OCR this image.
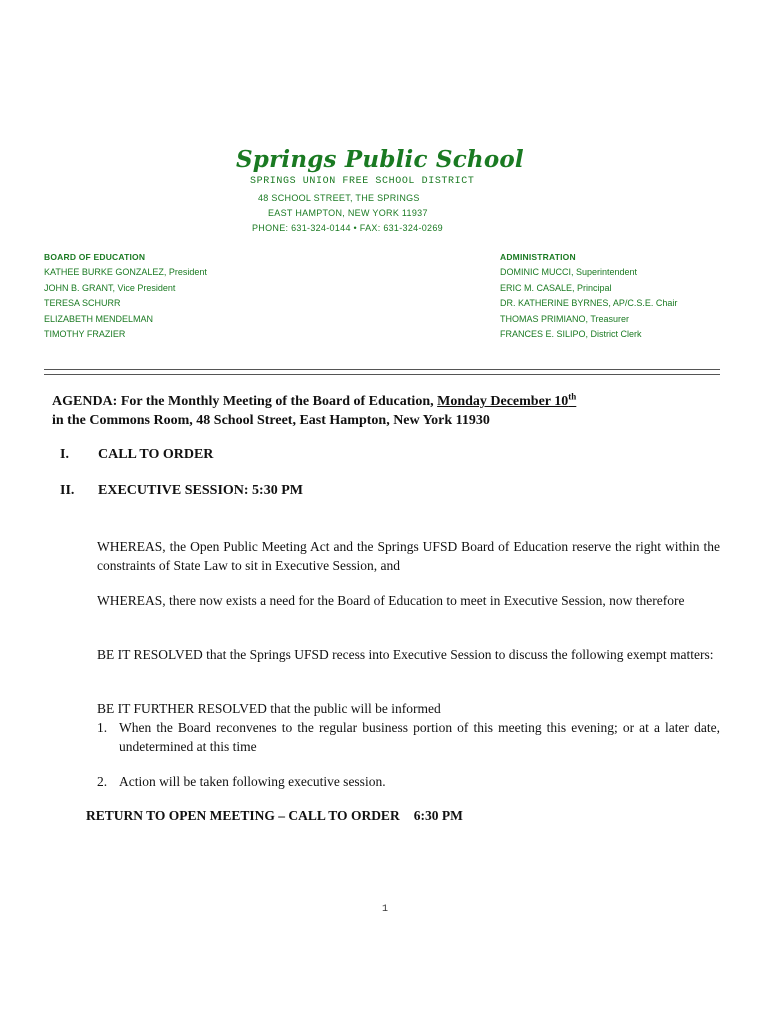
Springs Public School
SPRINGS UNION FREE SCHOOL DISTRICT
48 SCHOOL STREET, THE SPRINGS
EAST HAMPTON, NEW YORK 11937
PHONE: 631-324-0144 • FAX: 631-324-0269
BOARD OF EDUCATION
KATHEE BURKE GONZALEZ, President
JOHN B. GRANT, Vice President
TERESA SCHURR
ELIZABETH MENDELMAN
TIMOTHY FRAZIER
ADMINISTRATION
DOMINIC MUCCI, Superintendent
ERIC M. CASALE, Principal
DR. KATHERINE BYRNES, AP/C.S.E. Chair
THOMAS PRIMIANO, Treasurer
FRANCES E. SILIPO, District Clerk
AGENDA: For the Monthly Meeting of the Board of Education, Monday December 10th
in the Commons Room, 48 School Street, East Hampton, New York 11930
I. CALL TO ORDER
II. EXECUTIVE SESSION: 5:30 PM
WHEREAS, the Open Public Meeting Act and the Springs UFSD Board of Education reserve the right within the constraints of State Law to sit in Executive Session, and
WHEREAS, there now exists a need for the Board of Education to meet in Executive Session, now therefore
BE IT RESOLVED that the Springs UFSD recess into Executive Session to discuss the following exempt matters:
BE IT FURTHER RESOLVED that the public will be informed
1. When the Board reconvenes to the regular business portion of this meeting this evening; or at a later date, undetermined at this time
2. Action will be taken following executive session.
RETURN TO OPEN MEETING – CALL TO ORDER 6:30 PM
1
